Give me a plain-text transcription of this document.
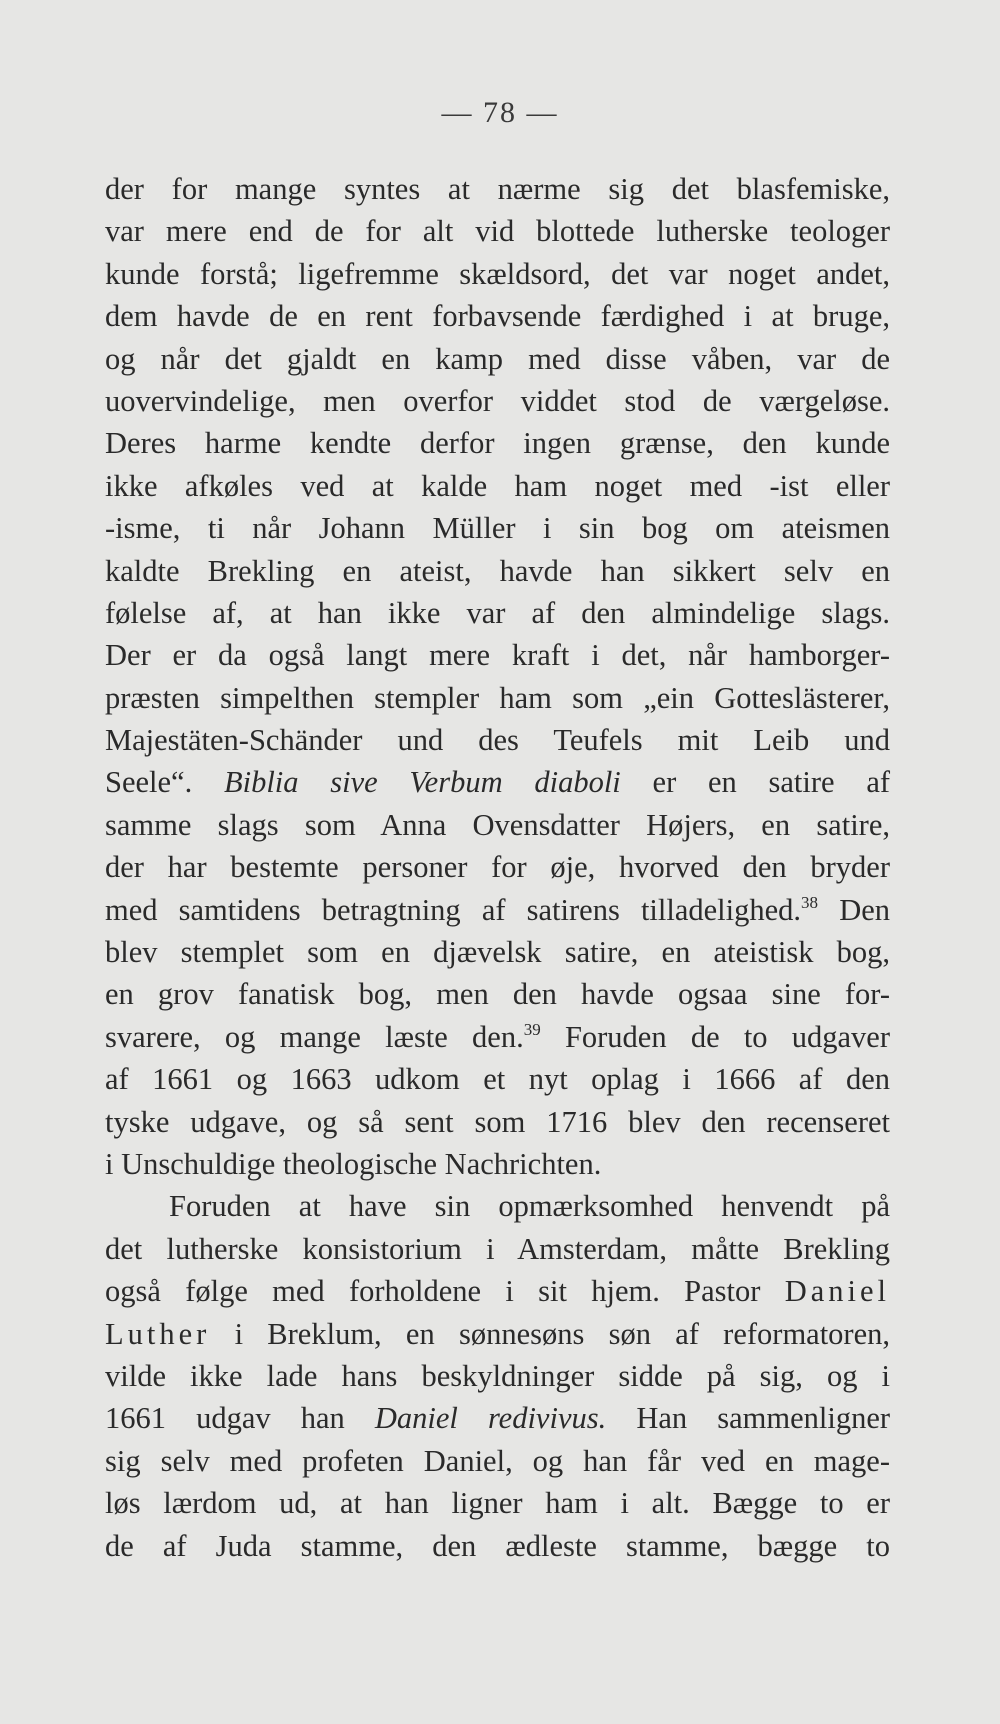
— 78 —
der for mange syntes at nærme sig det blasfemiske,
var mere end de for alt vid blottede lutherske teologer
kunde forstå; ligefremme skældsord, det var noget andet,
dem havde de en rent forbavsende færdighed i at bruge,
og når det gjaldt en kamp med disse våben, var de
uovervindelige, men overfor viddet stod de værgeløse.
Deres harme kendte derfor ingen grænse, den kunde
ikke afkøles ved at kalde ham noget med -ist eller
-isme, ti når Johann Müller i sin bog om ateismen
kaldte Brekling en ateist, havde han sikkert selv en
følelse af, at han ikke var af den almindelige slags.
Der er da også langt mere kraft i det, når hamborger-
præsten simpelthen stempler ham som „ein Gotteslästerer,
Majestäten-Schänder und des Teufels mit Leib und
Seele“. Biblia sive Verbum diaboli er en satire af
samme slags som Anna Ovensdatter Højers, en satire,
der har bestemte personer for øje, hvorved den bryder
med samtidens betragtning af satirens tilladelighed.$^{38}$ Den
blev stemplet som en djævelsk satire, en ateistisk bog,
en grov fanatisk bog, men den havde ogsaa sine for-
svarere, og mange læste den.$^{39}$ Foruden de to udgaver
af 1661 og 1663 udkom et nyt oplag i 1666 af den
tyske udgave, og så sent som 1716 blev den recenseret
i Unschuldige theologische Nachrichten.
Foruden at have sin opmærksomhed henvendt på
det lutherske konsistorium i Amsterdam, måtte Brekling
også følge med forholdene i sit hjem. Pastor Daniel
Luther i Breklum, en sønnesøns søn af reformatoren,
vilde ikke lade hans beskyldninger sidde på sig, og i
1661 udgav han Daniel redivivus. Han sammenligner
sig selv med profeten Daniel, og han får ved en mage-
løs lærdom ud, at han ligner ham i alt. Bægge to er
de af Juda stamme, den ædleste stamme, bægge to
